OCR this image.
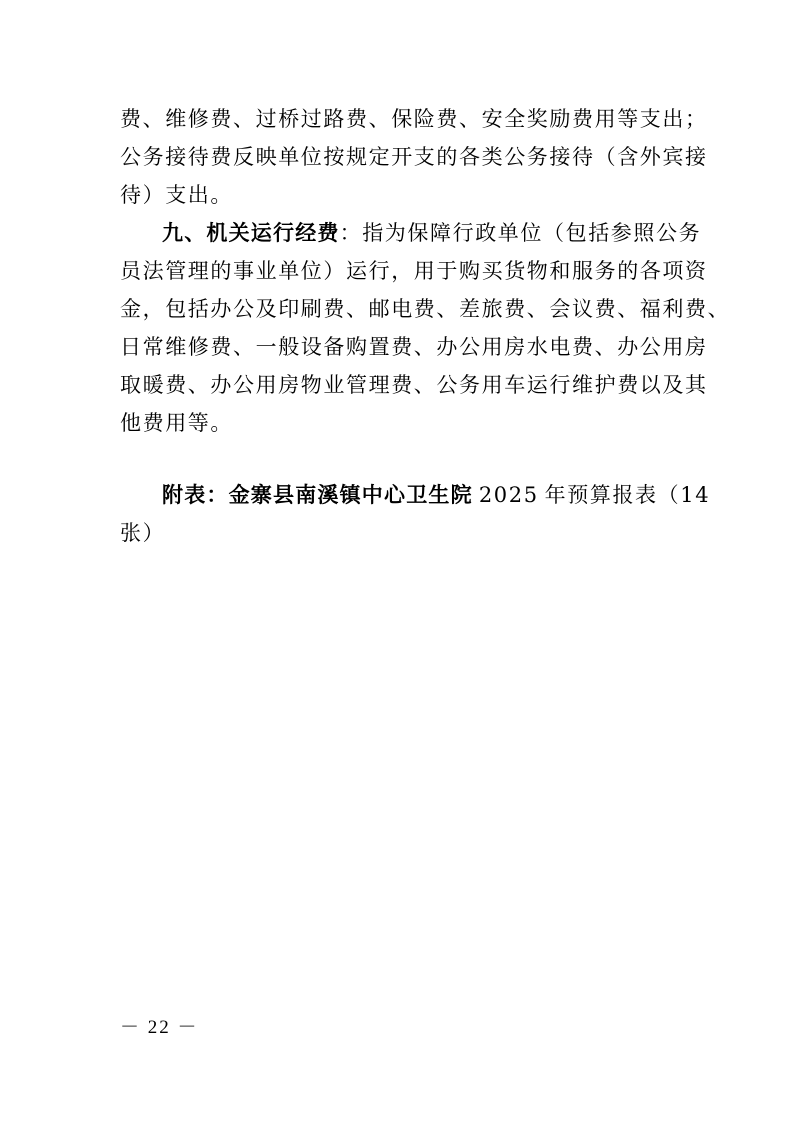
费、维修费、过桥过路费、保险费、安全奖励费用等支出；
公务接待费反映单位按规定开支的各类公务接待（含外宾接
待）支出。
九、机关运行经费：指为保障行政单位（包括参照公务
员法管理的事业单位）运行，用于购买货物和服务的各项资
金，包括办公及印刷费、邮电费、差旅费、会议费、福利费、
日常维修费、一般设备购置费、办公用房水电费、办公用房
取暖费、办公用房物业管理费、公务用车运行维护费以及其
他费用等。
附表：金寨县南溪镇中心卫生院 2025 年预算报表（14
张）
－ 22 －
